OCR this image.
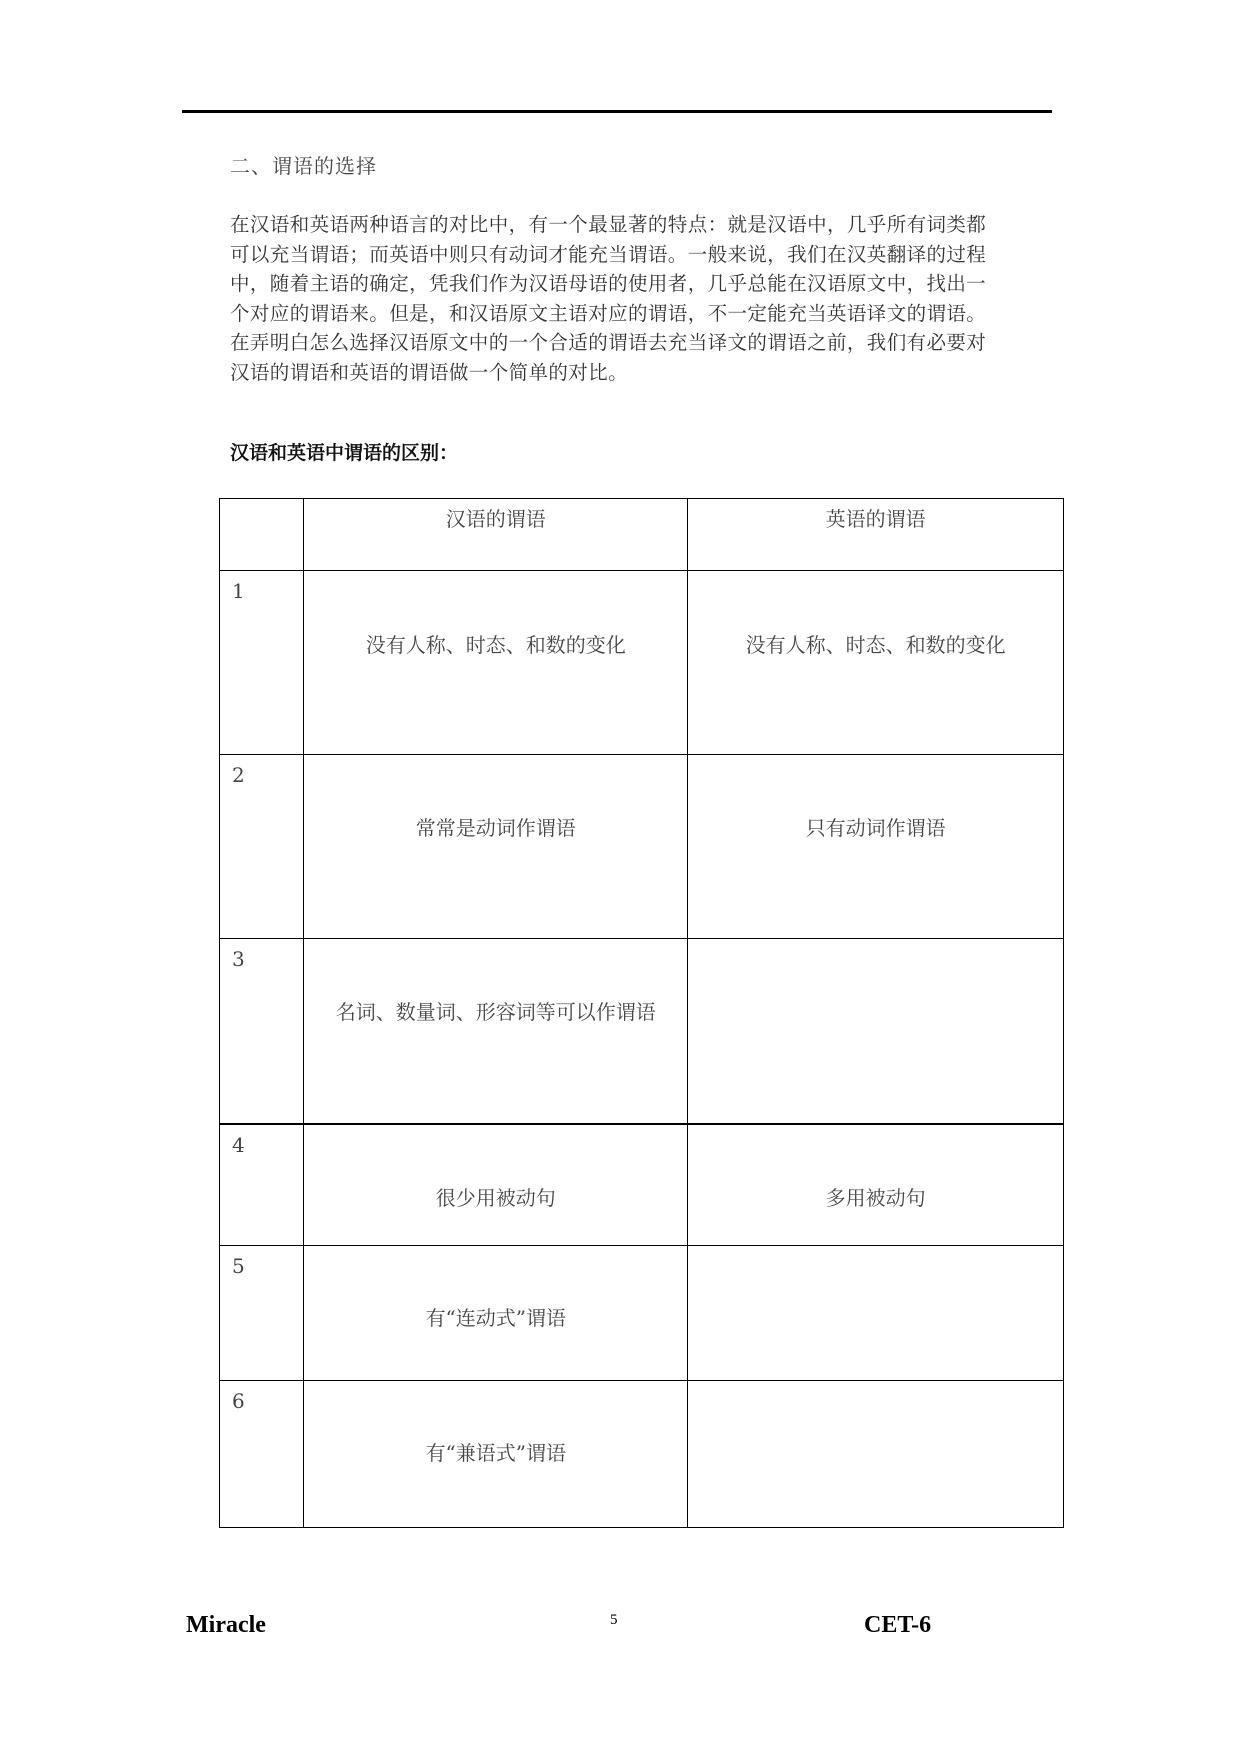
二、谓语的选择
在汉语和英语两种语言的对比中，有一个最显著的特点：就是汉语中，几乎所有词类都
可以充当谓语；而英语中则只有动词才能充当谓语。一般来说，我们在汉英翻译的过程
中，随着主语的确定，凭我们作为汉语母语的使用者，几乎总能在汉语原文中，找出一
个对应的谓语来。但是，和汉语原文主语对应的谓语，不一定能充当英语译文的谓语。
在弄明白怎么选择汉语原文中的一个合适的谓语去充当译文的谓语之前，我们有必要对
汉语的谓语和英语的谓语做一个简单的对比。
汉语和英语中谓语的区别：

	汉语的谓语	英语的谓语

1	没有人称、时态、和数的变化	没有人称、时态、和数的变化

2	常常是动词作谓语	只有动词作谓语

3	名词、数量词、形容词等可以作谓语	

4	很少用被动句	多用被动句

5	有“连动式”谓语	

6	有“兼语式”谓语	

Miracle	5	CET-6
